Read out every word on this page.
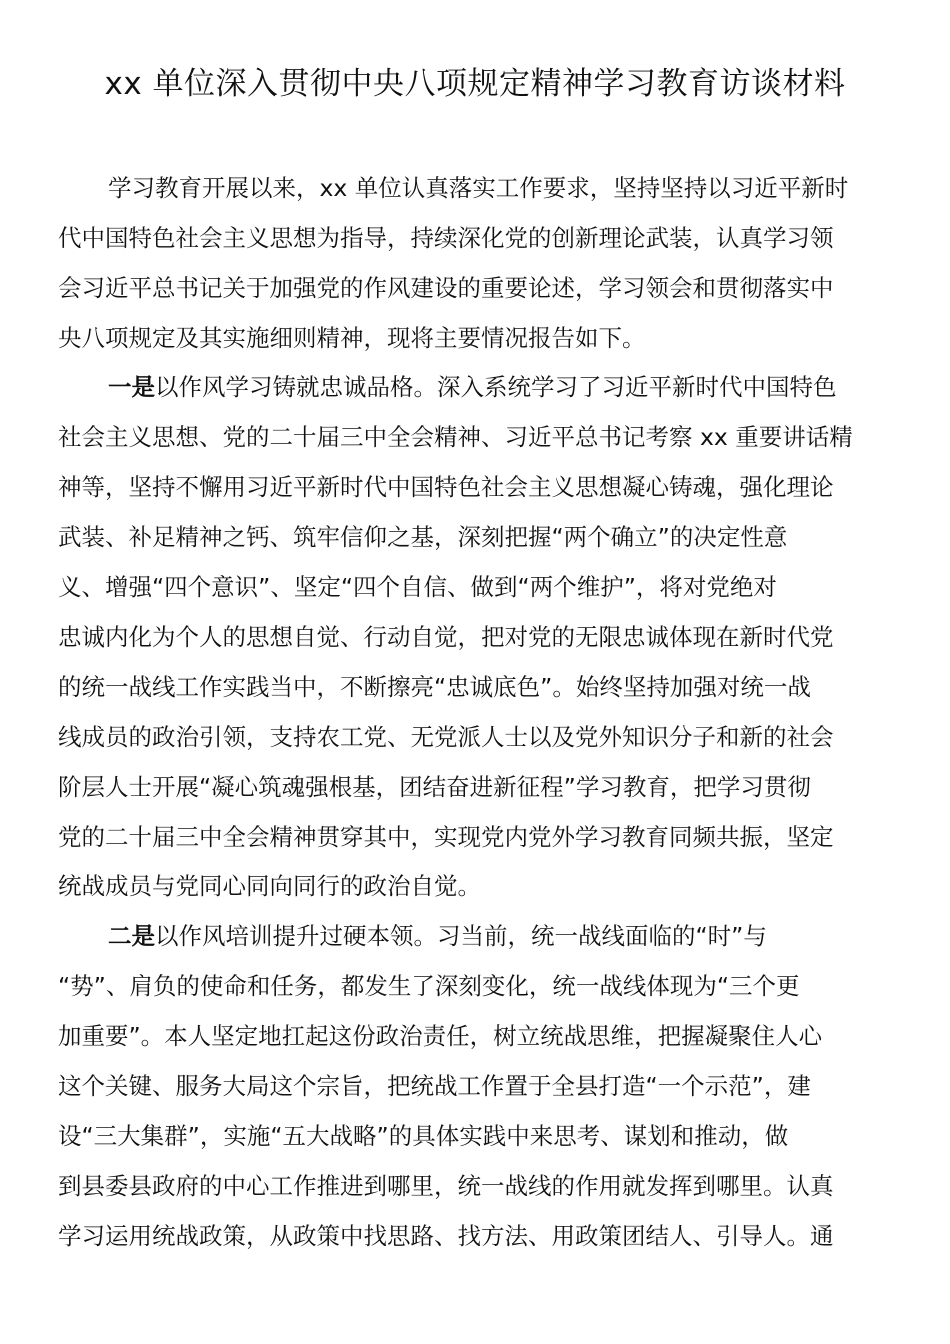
xx 单位深入贯彻中央八项规定精神学习教育访谈材料

学习教育开展以来，xx 单位认真落实工作要求，坚持坚持以习近平新时

代中国特色社会主义思想为指导，持续深化党的创新理论武装，认真学习领

会习近平总书记关于加强党的作风建设的重要论述，学习领会和贯彻落实中

央八项规定及其实施细则精神，现将主要情况报告如下。

一是以作风学习铸就忠诚品格。深入系统学习了习近平新时代中国特色

社会主义思想、党的二十届三中全会精神、习近平总书记考察 xx 重要讲话精

神等，坚持不懈用习近平新时代中国特色社会主义思想凝心铸魂，强化理论

武装、补足精神之钙、筑牢信仰之基，深刻把握“两个确立”的决定性意

义、增强“四个意识”、坚定“四个自信、做到“两个维护”，将对党绝对

忠诚内化为个人的思想自觉、行动自觉，把对党的无限忠诚体现在新时代党

的统一战线工作实践当中，不断擦亮“忠诚底色”。始终坚持加强对统一战

线成员的政治引领，支持农工党、无党派人士以及党外知识分子和新的社会

阶层人士开展“凝心筑魂强根基，团结奋进新征程”学习教育，把学习贯彻

党的二十届三中全会精神贯穿其中，实现党内党外学习教育同频共振，坚定

统战成员与党同心同向同行的政治自觉。

二是以作风培训提升过硬本领。习当前，统一战线面临的“时”与

“势”、肩负的使命和任务，都发生了深刻变化，统一战线体现为“三个更

加重要”。本人坚定地扛起这份政治责任，树立统战思维，把握凝聚住人心

这个关键、服务大局这个宗旨，把统战工作置于全县打造“一个示范”，建

设“三大集群”，实施“五大战略”的具体实践中来思考、谋划和推动，做

到县委县政府的中心工作推进到哪里，统一战线的作用就发挥到哪里。认真

学习运用统战政策，从政策中找思路、找方法、用政策团结人、引导人。通
